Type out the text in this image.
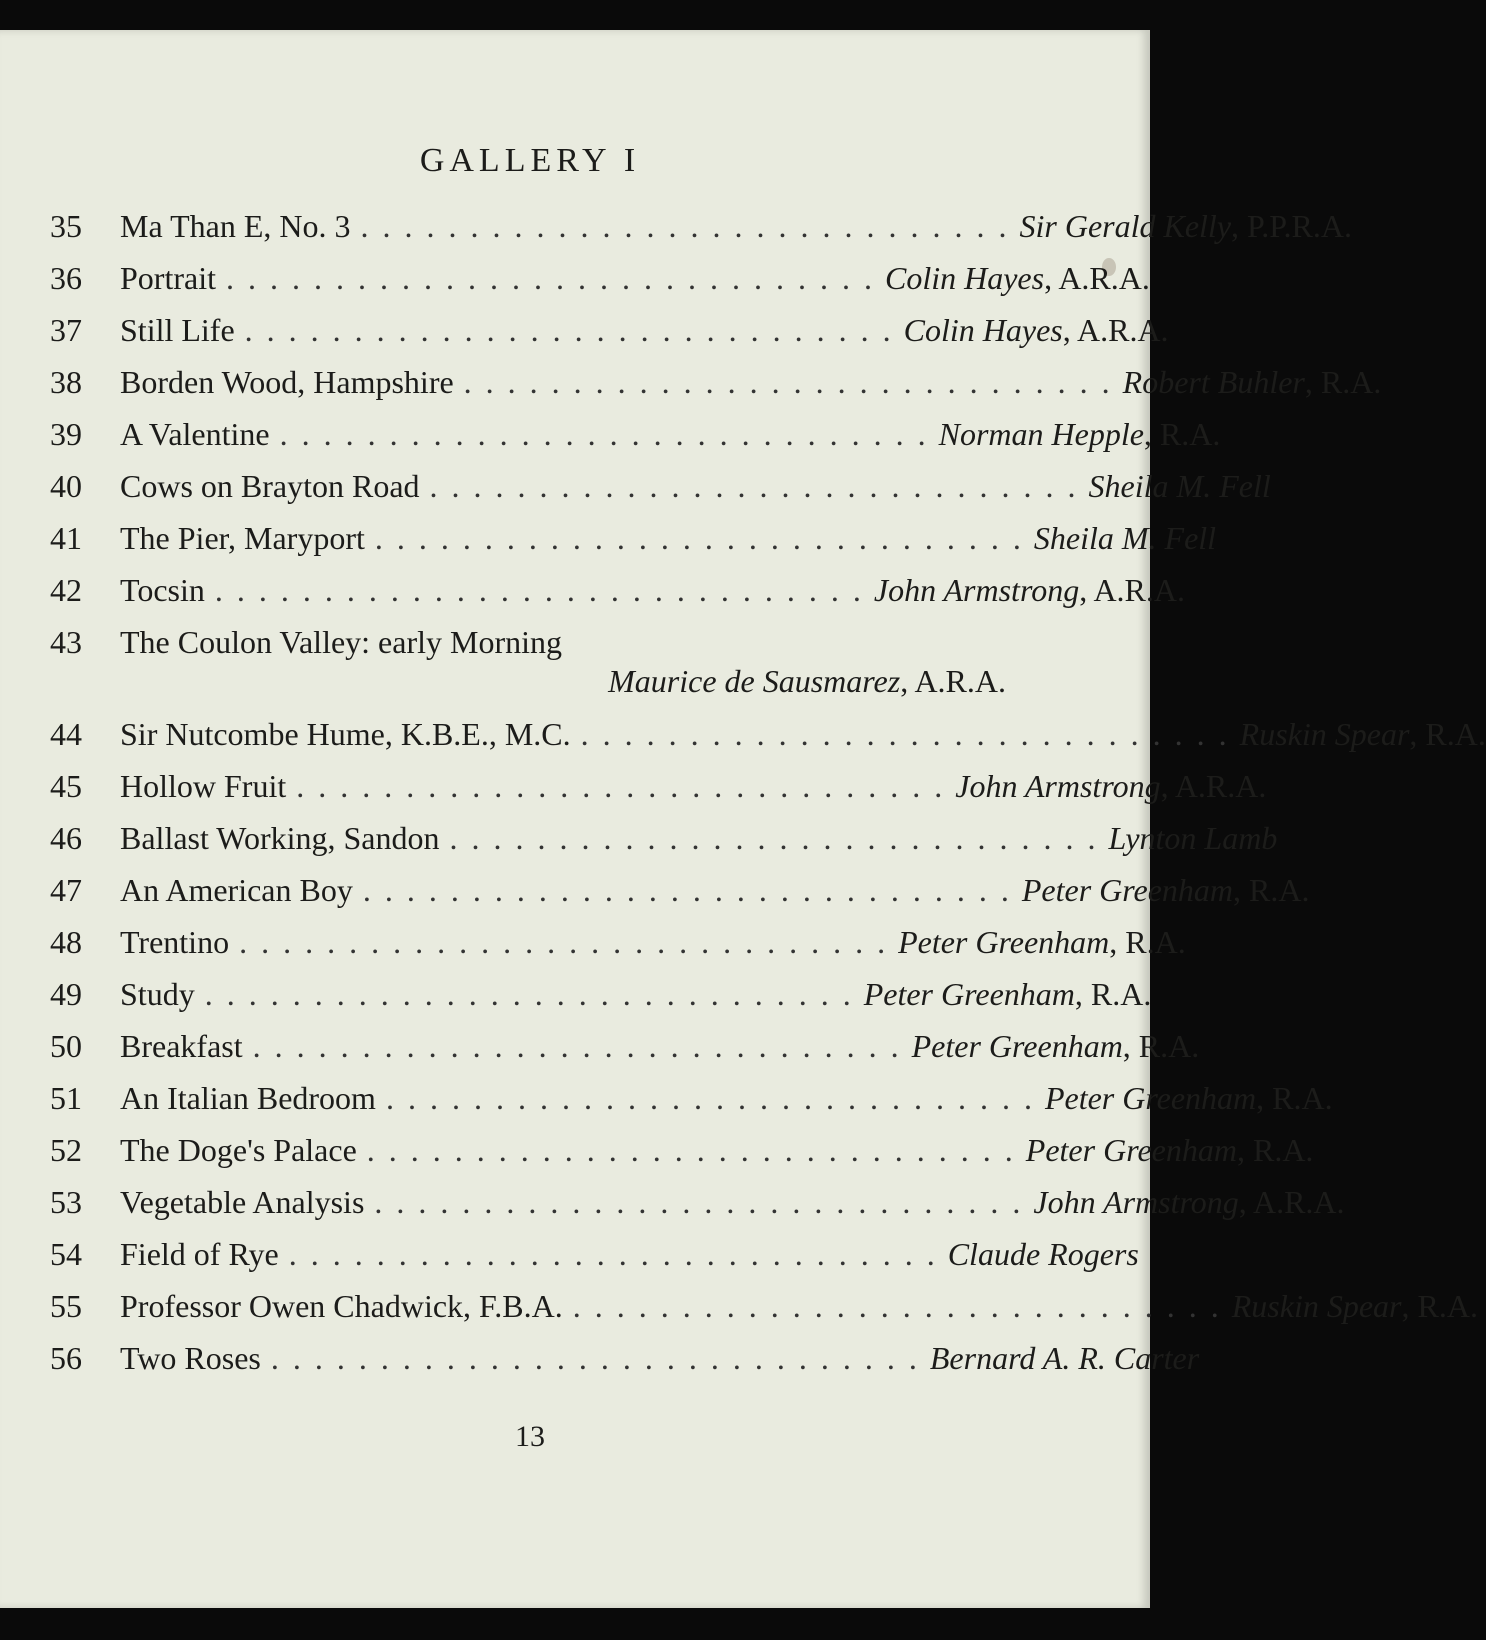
GALLERY I
35	Ma Than E, No. 3 . . . . . . . . . . . . . . . . . . . . . . . . . . . . . . Sir Gerald Kelly, P.P.R.A.
36	Portrait . . . . . . . . . . . . . . . . . . . . . . . . . . . . . . Colin Hayes, A.R.A.
37	Still Life . . . . . . . . . . . . . . . . . . . . . . . . . . . . . . Colin Hayes, A.R.A.
38	Borden Wood, Hampshire . . . . . . . . . . . . . . . . . . . . . . . . . . . . . . Robert Buhler, R.A.
39	A Valentine . . . . . . . . . . . . . . . . . . . . . . . . . . . . . . Norman Hepple, R.A.
40	Cows on Brayton Road . . . . . . . . . . . . . . . . . . . . . . . . . . . . . . Sheila M. Fell
41	The Pier, Maryport . . . . . . . . . . . . . . . . . . . . . . . . . . . . . . Sheila M. Fell
42	Tocsin . . . . . . . . . . . . . . . . . . . . . . . . . . . . . . John Armstrong, A.R.A.
43	The Coulon Valley: early Morning
Maurice de Sausmarez, A.R.A.
44	Sir Nutcombe Hume, K.B.E., M.C. . . . . . . . . . . . . . . . . . . . . . . . . . . . . . . Ruskin Spear, R.A.
45	Hollow Fruit . . . . . . . . . . . . . . . . . . . . . . . . . . . . . . John Armstrong, A.R.A.
46	Ballast Working, Sandon . . . . . . . . . . . . . . . . . . . . . . . . . . . . . . Lynton Lamb
47	An American Boy . . . . . . . . . . . . . . . . . . . . . . . . . . . . . . Peter Greenham, R.A.
48	Trentino . . . . . . . . . . . . . . . . . . . . . . . . . . . . . . Peter Greenham, R.A.
49	Study . . . . . . . . . . . . . . . . . . . . . . . . . . . . . . Peter Greenham, R.A.
50	Breakfast . . . . . . . . . . . . . . . . . . . . . . . . . . . . . . Peter Greenham, R.A.
51	An Italian Bedroom . . . . . . . . . . . . . . . . . . . . . . . . . . . . . . Peter Greenham, R.A.
52	The Doge's Palace . . . . . . . . . . . . . . . . . . . . . . . . . . . . . . Peter Greenham, R.A.
53	Vegetable Analysis . . . . . . . . . . . . . . . . . . . . . . . . . . . . . . John Armstrong, A.R.A.
54	Field of Rye . . . . . . . . . . . . . . . . . . . . . . . . . . . . . . Claude Rogers
55	Professor Owen Chadwick, F.B.A. . . . . . . . . . . . . . . . . . . . . . . . . . . . . . . Ruskin Spear, R.A.
56	Two Roses . . . . . . . . . . . . . . . . . . . . . . . . . . . . . . Bernard A. R. Carter
13
